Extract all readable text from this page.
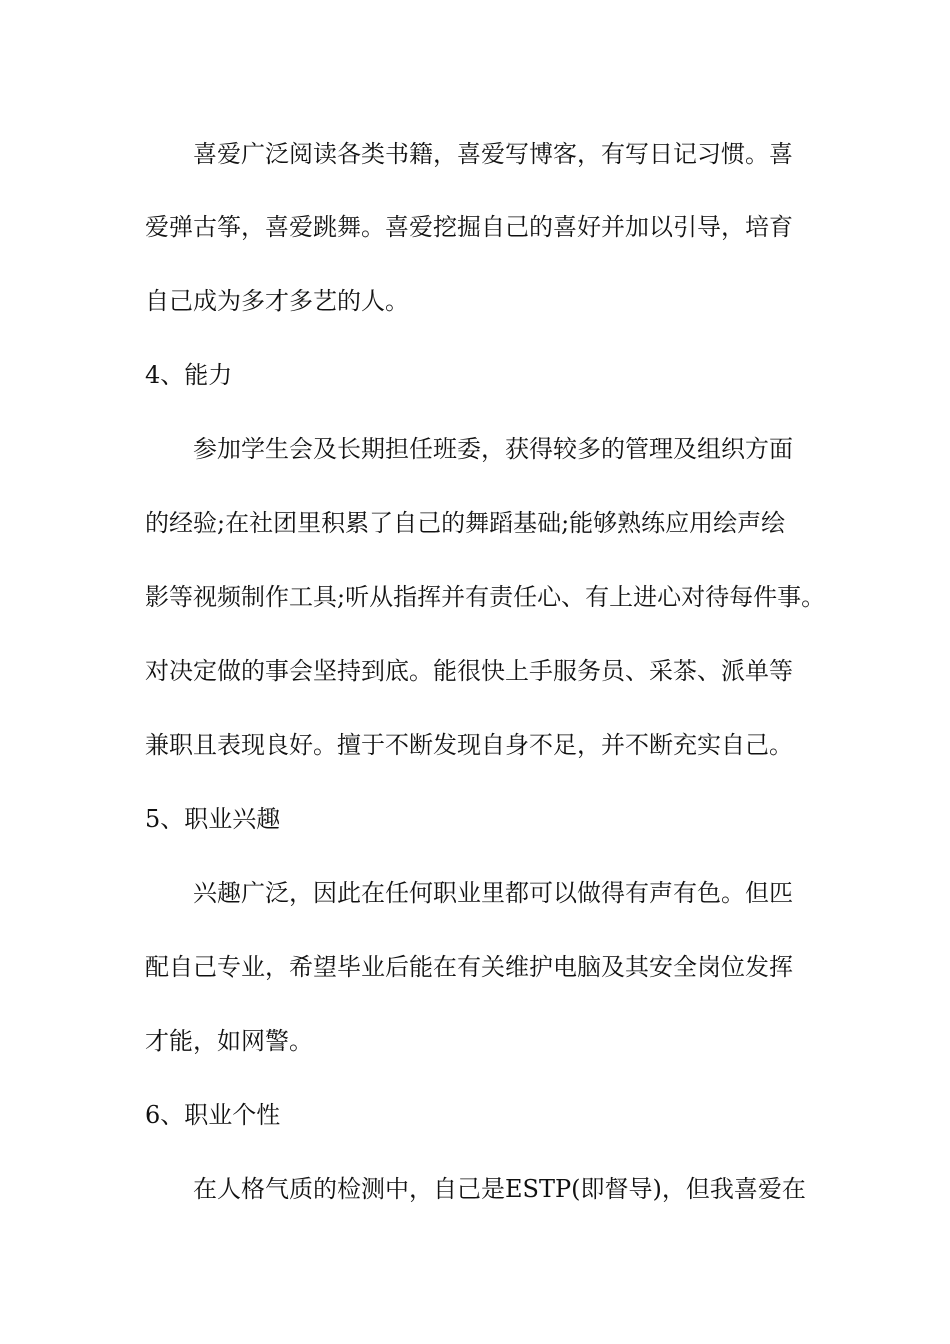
喜爱广泛阅读各类书籍，喜爱写博客，有写日记习惯。喜
爱弹古筝，喜爱跳舞。喜爱挖掘自己的喜好并加以引导，培育
自己成为多才多艺的人。
4、能力
参加学生会及长期担任班委，获得较多的管理及组织方面
的经验;在社团里积累了自己的舞蹈基础;能够熟练应用绘声绘
影等视频制作工具;听从指挥并有责任心、有上进心对待每件事。
对决定做的事会坚持到底。能很快上手服务员、采茶、派单等
兼职且表现良好。擅于不断发现自身不足，并不断充实自己。
5、职业兴趣
兴趣广泛，因此在任何职业里都可以做得有声有色。但匹
配自己专业，希望毕业后能在有关维护电脑及其安全岗位发挥
才能，如网警。
6、职业个性
在人格气质的检测中，自己是ESTP(即督导)，但我喜爱在
